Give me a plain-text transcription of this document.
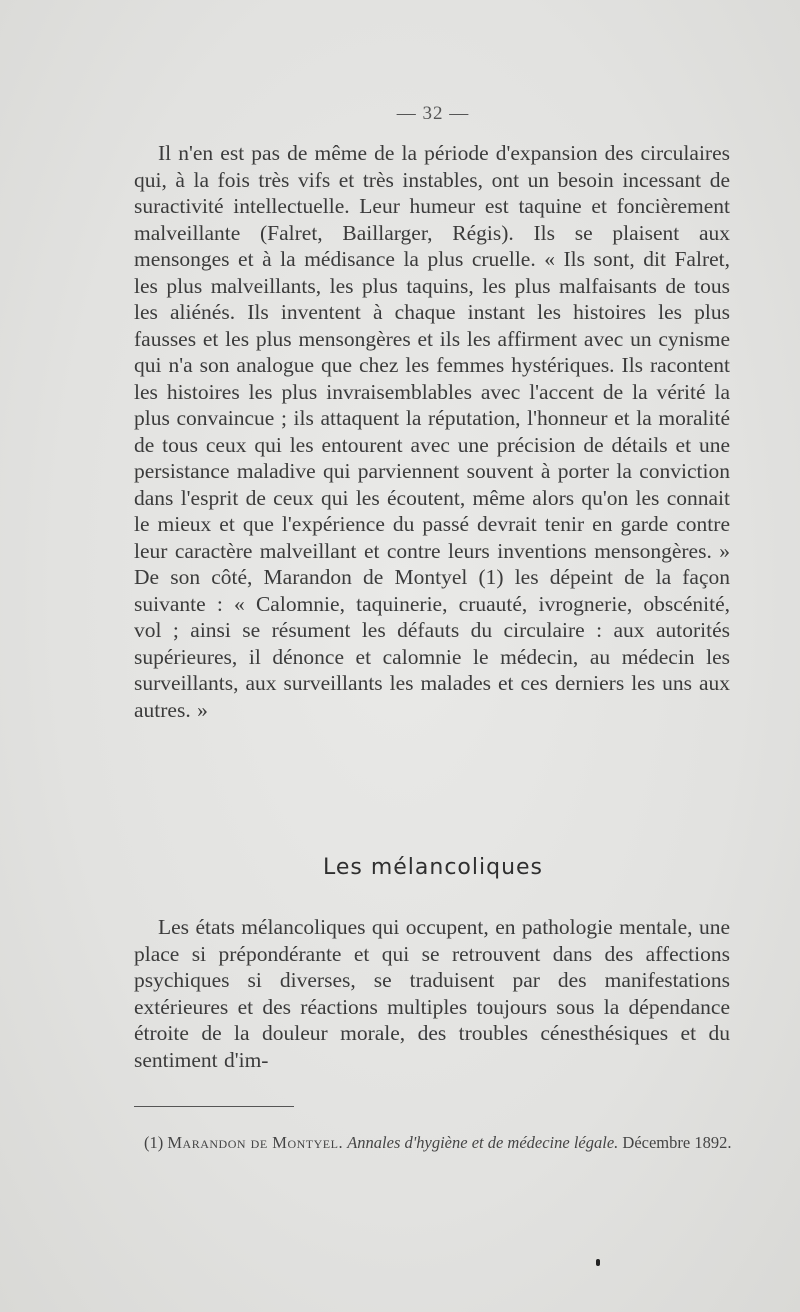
— 32 —

Il n'en est pas de même de la période d'expansion des circulaires qui, à la fois très vifs et très instables, ont un besoin incessant de suractivité intellectuelle. Leur humeur est taquine et foncièrement malveillante (Falret, Baillarger, Régis). Ils se plaisent aux mensonges et à la médisance la plus cruelle. « Ils sont, dit Falret, les plus malveillants, les plus taquins, les plus malfaisants de tous les aliénés. Ils inventent à chaque instant les histoires les plus fausses et les plus mensongères et ils les affirment avec un cynisme qui n'a son analogue que chez les femmes hystériques. Ils racontent les histoires les plus invraisemblables avec l'accent de la vérité la plus convaincue ; ils attaquent la réputation, l'honneur et la moralité de tous ceux qui les entourent avec une précision de détails et une persistance maladive qui parviennent souvent à porter la conviction dans l'esprit de ceux qui les écoutent, même alors qu'on les connait le mieux et que l'expérience du passé devrait tenir en garde contre leur caractère malveillant et contre leurs inventions mensongères. » De son côté, Marandon de Montyel (1) les dépeint de la façon suivante : « Calomnie, taquinerie, cruauté, ivrognerie, obscénité, vol ; ainsi se résument les défauts du circulaire : aux autorités supérieures, il dénonce et calomnie le médecin, au médecin les surveillants, aux surveillants les malades et ces derniers les uns aux autres. »

Les mélancoliques

Les états mélancoliques qui occupent, en pathologie mentale, une place si prépondérante et qui se retrouvent dans des affections psychiques si diverses, se traduisent par des manifestations extérieures et des réactions multiples toujours sous la dépendance étroite de la douleur morale, des troubles cénesthésiques et du sentiment d'im-

(1) Marandon de Montyel. Annales d'hygiène et de médecine légale. Décembre 1892.
